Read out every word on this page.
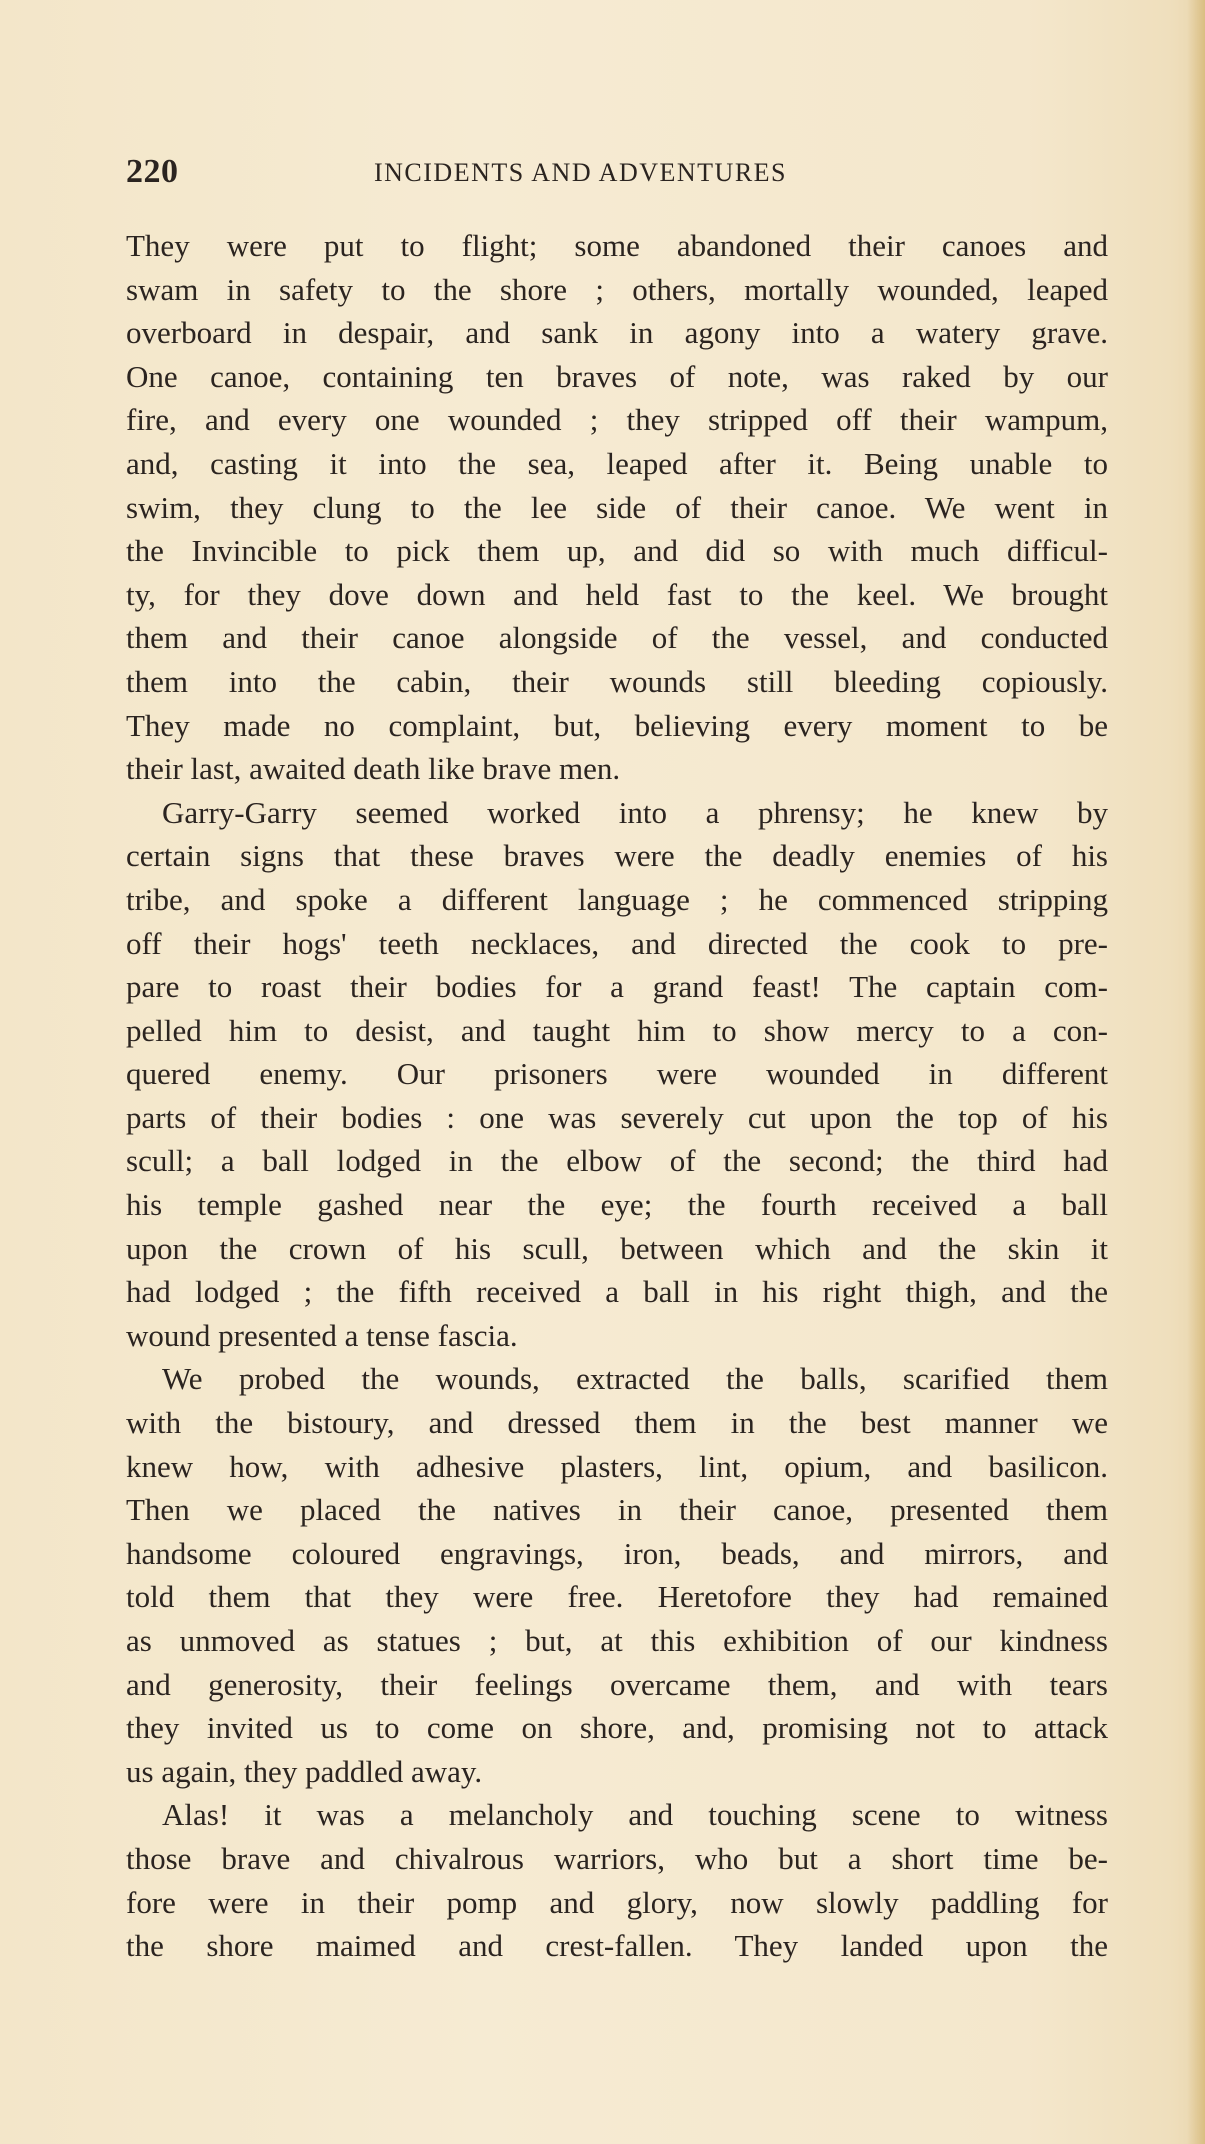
220	INCIDENTS AND ADVENTURES
They were put to flight; some abandoned their canoes and
swam in safety to the shore ; others, mortally wounded, leaped
overboard in despair, and sank in agony into a watery grave.
One canoe, containing ten braves of note, was raked by our
fire, and every one wounded ; they stripped off their wampum,
and, casting it into the sea, leaped after it. Being unable to
swim, they clung to the lee side of their canoe. We went in
the Invincible to pick them up, and did so with much difficul-
ty, for they dove down and held fast to the keel. We brought
them and their canoe alongside of the vessel, and conducted
them into the cabin, their wounds still bleeding copiously.
They made no complaint, but, believing every moment to be
their last, awaited death like brave men.
Garry-Garry seemed worked into a phrensy; he knew by
certain signs that these braves were the deadly enemies of his
tribe, and spoke a different language ; he commenced stripping
off their hogs' teeth necklaces, and directed the cook to pre-
pare to roast their bodies for a grand feast! The captain com-
pelled him to desist, and taught him to show mercy to a con-
quered enemy. Our prisoners were wounded in different
parts of their bodies : one was severely cut upon the top of his
scull; a ball lodged in the elbow of the second; the third had
his temple gashed near the eye; the fourth received a ball
upon the crown of his scull, between which and the skin it
had lodged ; the fifth received a ball in his right thigh, and the
wound presented a tense fascia.
We probed the wounds, extracted the balls, scarified them
with the bistoury, and dressed them in the best manner we
knew how, with adhesive plasters, lint, opium, and basilicon.
Then we placed the natives in their canoe, presented them
handsome coloured engravings, iron, beads, and mirrors, and
told them that they were free. Heretofore they had remained
as unmoved as statues ; but, at this exhibition of our kindness
and generosity, their feelings overcame them, and with tears
they invited us to come on shore, and, promising not to attack
us again, they paddled away.
Alas! it was a melancholy and touching scene to witness
those brave and chivalrous warriors, who but a short time be-
fore were in their pomp and glory, now slowly paddling for
the shore maimed and crest-fallen. They landed upon the
